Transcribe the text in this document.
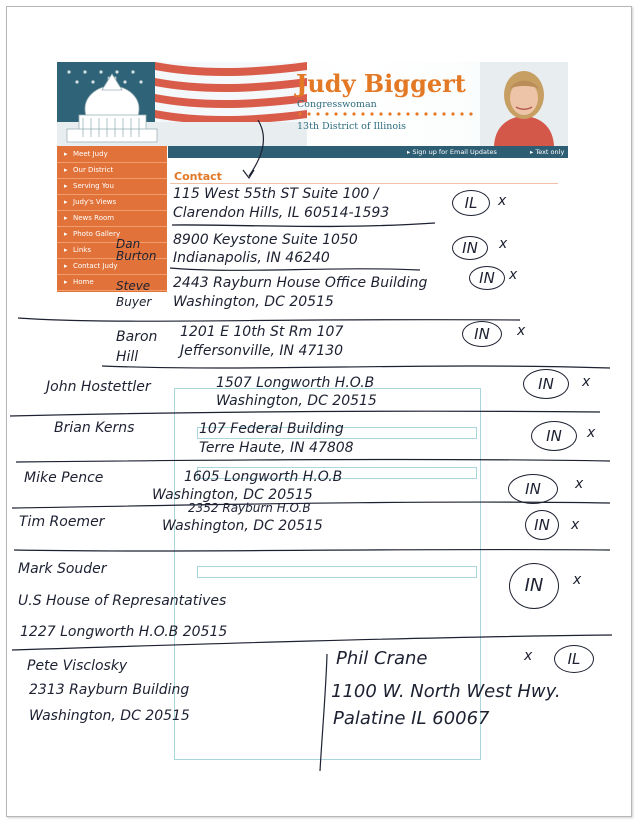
Judy Biggert
Congresswoman
13th District of Illinois
▸ Sign up for Email Updates	▸ Text only
▸ Meet Judy
▸ Our District
▸ Serving You
▸ Judy's Views
▸ News Room
▸ Photo Gallery
▸ Links
▸ Contact Judy
▸ Home
Contact
115 West 55th ST Suite 100 /
Clarendon Hills, IL 60514-1593
IL	x
Dan Burton
8900 Keystone Suite 1050
Indianapolis, IN 46240
IN	x
Steve Buyer
2443 Rayburn House Office Building
Washington, DC 20515
IN	x
Baron Hill
1201 E 10th St Rm 107
Jeffersonville, IN 47130
IN	x
John Hostettler	1507 Longworth H.O.B
Washington, DC 20515
IN	x
Brian Kerns	107 Federal Building
Terre Haute, IN 47808
IN	x
Mike Pence	1605 Longworth H.O.B
Washington, DC 20515	IN	x
Tim Roemer
2352 Rayburn H.O.B
Washington, DC 20515	IN	x
Mark Souder
U.S House of Represantatives
1227 Longworth H.O.B 20515
IN	x
Pete Visclosky
2313 Rayburn Building
Washington, DC 20515
Phil Crane
1100 W. North West Hwy.
Palatine IL 60067
x	IL
